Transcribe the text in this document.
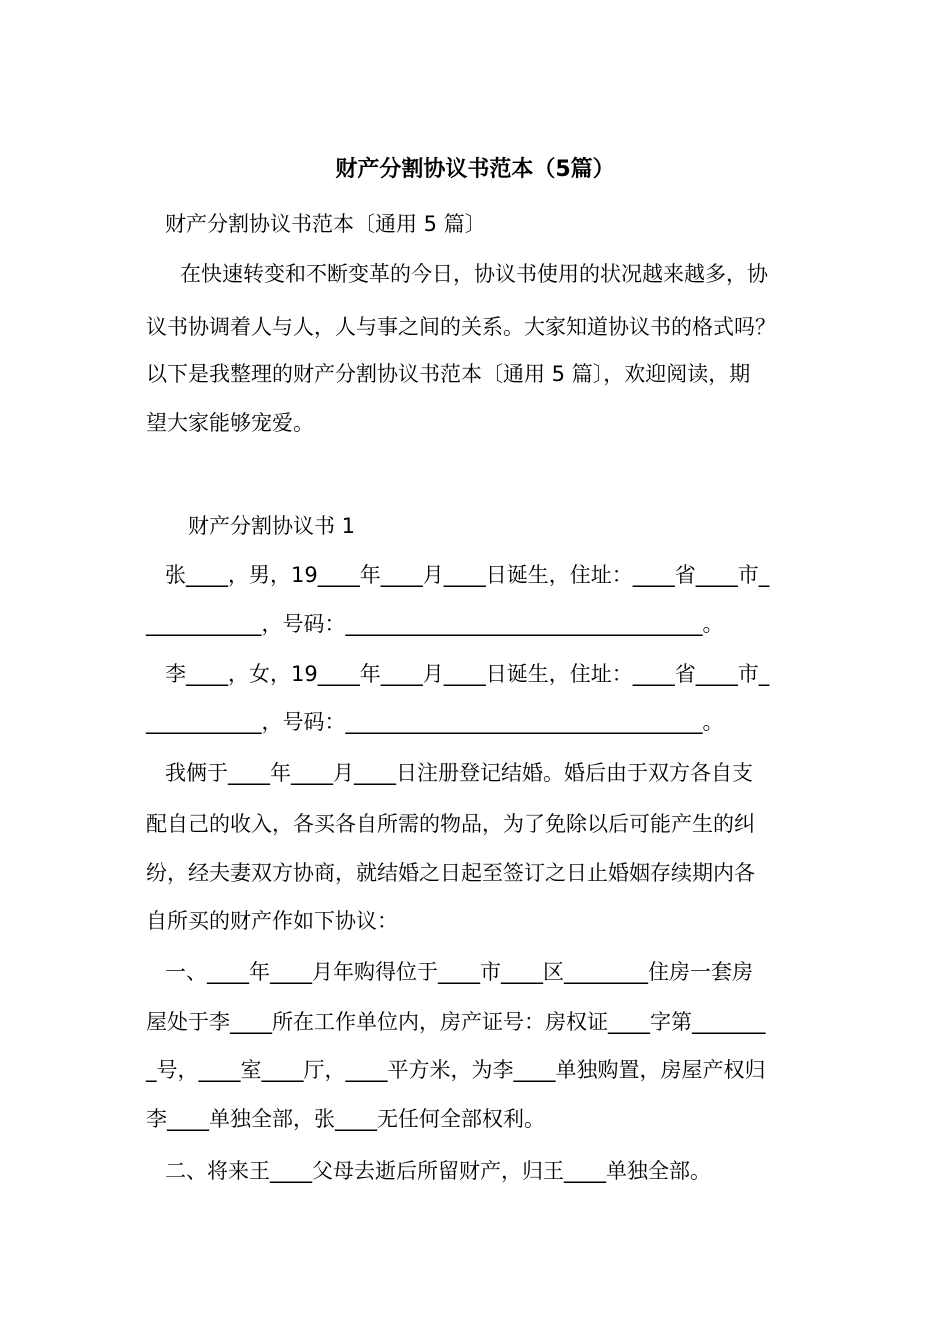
财产分割协议书范本（5篇）
财产分割协议书范本〔通用 5 篇〕
在快速转变和不断变革的今日，协议书使用的状况越来越多，协
议书协调着人与人，人与事之间的关系。大家知道协议书的格式吗？
以下是我整理的财产分割协议书范本〔通用 5 篇〕，欢迎阅读，期
望大家能够宠爱。
财产分割协议书 1
张____，男，19____年____月____日诞生，住址：____省____市_
___________，号码：__________________________________。
李____，女，19____年____月____日诞生，住址：____省____市_
___________，号码：__________________________________。
我俩于____年____月____日注册登记结婚。婚后由于双方各自支
配自己的收入，各买各自所需的物品，为了免除以后可能产生的纠
纷，经夫妻双方协商，就结婚之日起至签订之日止婚姻存续期内各
自所买的财产作如下协议：
一、____年____月年购得位于____市____区________住房一套房
屋处于李____所在工作单位内，房产证号：房权证____字第_______
_号，____室____厅，____平方米，为李____单独购置，房屋产权归
李____单独全部，张____无任何全部权利。
二、将来王____父母去逝后所留财产，归王____单独全部。
